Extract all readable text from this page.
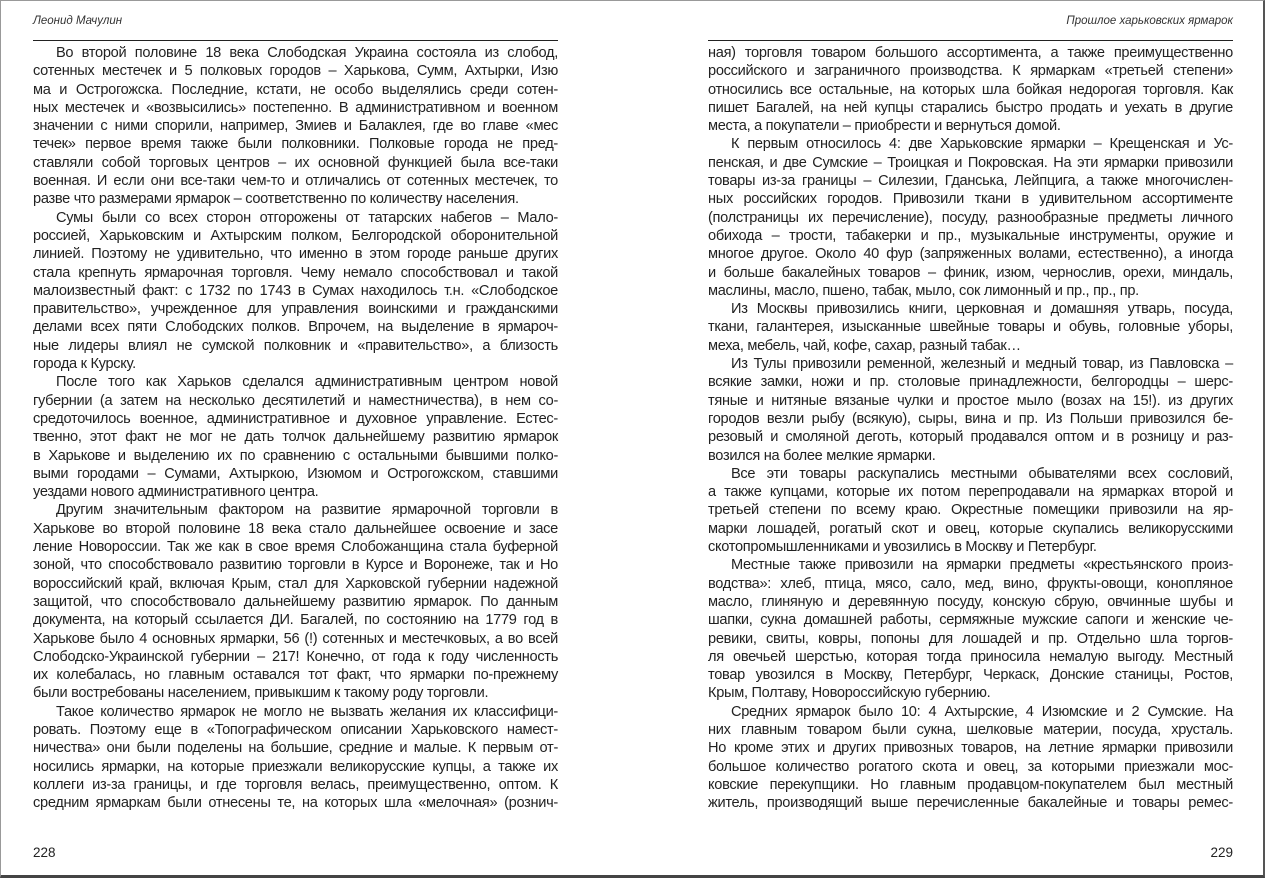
Леонид Мачулин
Во второй половине 18 века Слободская Украина состояла из слобод,
сотенных местечек и 5 полковых городов – Харькова, Сумм, Ахтырки, Изю
ма и Острогожска. Последние, кстати, не особо выделялись среди сотен-
ных местечек и «возвысились» постепенно. В административном и военном
значении с ними спорили, например, Змиев и Балаклея, где во главе «мес
течек» первое время также были полковники. Полковые города не пред-
ставляли собой торговых центров – их основной функцией была все-таки
военная. И если они все-таки чем-то и отличались от сотенных местечек, то
разве что размерами ярмарок – соответственно по количеству населения.
Сумы были со всех сторон отгорожены от татарских набегов – Мало-
россией, Харьковским и Ахтырским полком, Белгородской оборонительной
линией. Поэтому не удивительно, что именно в этом городе раньше других
стала крепнуть ярмарочная торговля. Чему немало способствовал и такой
малоизвестный факт: с 1732 по 1743 в Сумах находилось т.н. «Слободское
правительство», учрежденное для управления воинскими и гражданскими
делами всех пяти Слободских полков. Впрочем, на выделение в ярмароч-
ные лидеры влиял не сумской полковник и «правительство», а близость
города к Курску.
После того как Харьков сделался административным центром новой
губернии (а затем на несколько десятилетий и наместничества), в нем со-
средоточилось военное, административное и духовное управление. Естес-
твенно, этот факт не мог не дать толчок дальнейшему развитию ярмарок
в Харькове и выделению их по сравнению с остальными бывшими полко-
выми городами – Сумами, Ахтыркою, Изюмом и Острогожском, ставшими
уездами нового административного центра.
Другим значительным фактором на развитие ярмарочной торговли в
Харькове во второй половине 18 века стало дальнейшее освоение и засе
ление Новороссии. Так же как в свое время Слобожанщина стала буферной
зоной, что способствовало развитию торговли в Курсе и Воронеже, так и Но
вороссийский край, включая Крым, стал для Харковской губернии надежной
защитой, что способствовало дальнейшему развитию ярмарок. По данным
документа, на который ссылается ДИ. Багалей, по состоянию на 1779 год в
Харькове было 4 основных ярмарки, 56 (!) сотенных и местечковых, а во всей
Слободско-Украинской губернии – 217! Конечно, от года к году численность
их колебалась, но главным оставался тот факт, что ярмарки по-прежнему
были востребованы населением, привыкшим к такому роду торговли.
Такое количество ярмарок не могло не вызвать желания их классифици-
ровать. Поэтому еще в «Топографическом описании Харьковского намест-
ничества» они были поделены на большие, средние и малые. К первым от-
носились ярмарки, на которые приезжали великорусские купцы, а также их
коллеги из-за границы, и где торговля велась, преимущественно, оптом. К
средним ярмаркам были отнесены те, на которых шла «мелочная» (рознич-
228
Прошлое харьковских ярмарок
ная) торговля товаром большого ассортимента, а также преимущественно
российского и заграничного производства. К ярмаркам «третьей степени»
относились все остальные, на которых шла бойкая недорогая торговля. Как
пишет Багалей, на ней купцы старались быстро продать и уехать в другие
места, а покупатели – приобрести и вернуться домой.
К первым относилось 4: две Харьковские ярмарки – Крещенская и Ус-
пенская, и две Сумские – Троицкая и Покровская. На эти ярмарки привозили
товары из-за границы – Силезии, Гданська, Лейпцига, а также многочислен-
ных российских городов. Привозили ткани в удивительном ассортименте
(полстраницы их перечисление), посуду, разнообразные предметы личного
обихода – трости, табакерки и пр., музыкальные инструменты, оружие и
многое другое. Около 40 фур (запряженных волами, естественно), а иногда
и больше бакалейных товаров – финик, изюм, чернослив, орехи, миндаль,
маслины, масло, пшено, табак, мыло, сок лимонный и пр., пр., пр.
Из Москвы привозились книги, церковная и домашняя утварь, посуда,
ткани, галантерея, изысканные швейные товары и обувь, головные уборы,
меха, мебель, чай, кофе, сахар, разный табак…
Из Тулы привозили ременной, железный и медный товар, из Павловска –
всякие замки, ножи и пр. столовые принадлежности, белгородцы – шерс-
тяные и нитяные вязаные чулки и простое мыло (возах на 15!). из других
городов везли рыбу (всякую), сыры, вина и пр. Из Польши привозился бе-
резовый и смоляной деготь, который продавался оптом и в розницу и раз-
возился на более мелкие ярмарки.
Все эти товары раскупались местными обывателями всех сословий,
а также купцами, которые их потом перепродавали на ярмарках второй и
третьей степени по всему краю. Окрестные помещики привозили на яр-
марки лошадей, рогатый скот и овец, которые скупались великорусскими
скотопромышленниками и увозились в Москву и Петербург.
Местные также привозили на ярмарки предметы «крестьянского произ-
водства»: хлеб, птица, мясо, сало, мед, вино, фрукты-овощи, конопляное
масло, глиняную и деревянную посуду, конскую сбрую, овчинные шубы и
шапки, сукна домашней работы, сермяжные мужские сапоги и женские че-
ревики, свиты, ковры, попоны для лошадей и пр. Отдельно шла торгов-
ля овечьей шерстью, которая тогда приносила немалую выгоду. Местный
товар увозился в Москву, Петербург, Черкаск, Донские станицы, Ростов,
Крым, Полтаву, Новороссийскую губернию.
Средних ярмарок было 10: 4 Ахтырские, 4 Изюмские и 2 Сумские. На
них главным товаром были сукна, шелковые материи, посуда, хрусталь.
Но кроме этих и других привозных товаров, на летние ярмарки привозили
большое количество рогатого скота и овец, за которыми приезжали мос-
ковские перекупщики. Но главным продавцом-покупателем был местный
житель, производящий выше перечисленные бакалейные и товары ремес-
229
